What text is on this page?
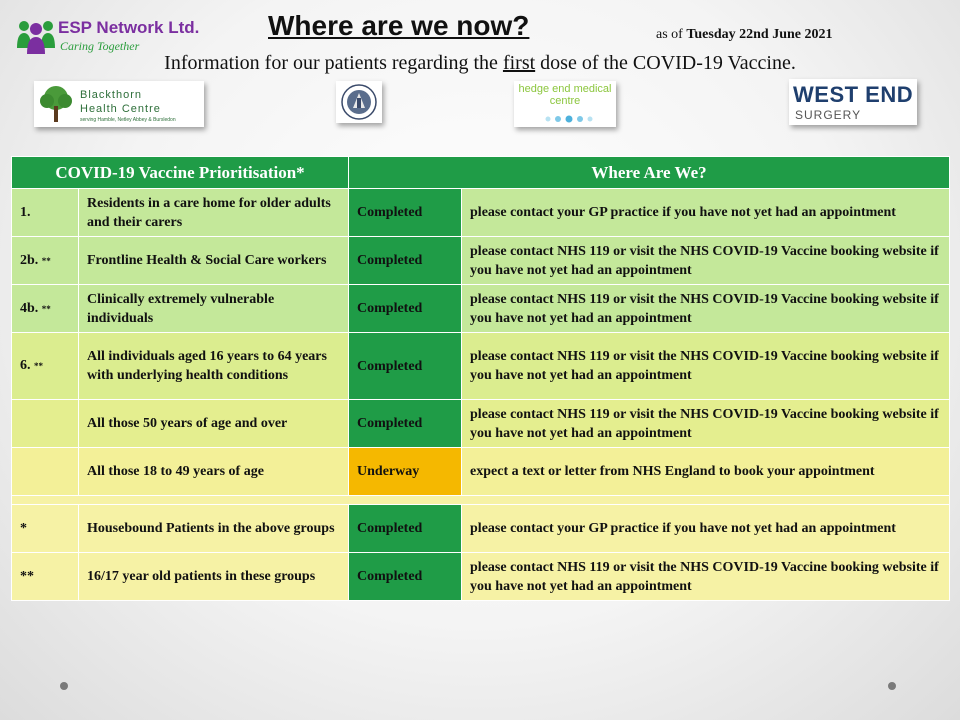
ESP Network Ltd.
Caring Together
Where are we now?	as of Tuesday 22nd June 2021
Information for our patients regarding the first dose of the COVID-19 Vaccine.
Blackthorn
Health Centre
serving Hamble, Netley Abbey & Bursledon
hedge end medical centre	WEST END
SURGERY
COVID-19 Vaccine Prioritisation*		Where Are We?	
1.	Residents in a care home for older adults and their carers	Completed	please contact your GP practice if you have not yet had an appointment
2b. **	Frontline Health & Social Care workers	Completed	please contact NHS 119 or visit the NHS COVID-19 Vaccine booking website if you have not yet had an appointment
4b. **	Clinically extremely vulnerable individuals	Completed	please contact NHS 119 or visit the NHS COVID-19 Vaccine booking website if you have not yet had an appointment
6. **	All individuals aged 16 years to 64 years with underlying health conditions	Completed	please contact NHS 119 or visit the NHS COVID-19 Vaccine booking website if you have not yet had an appointment
	All those 50 years of age and over	Completed	please contact NHS 119 or visit the NHS COVID-19 Vaccine booking website if you have not yet had an appointment
	All those 18 to 49 years of age	Underway	expect a text or letter from NHS England to book your appointment

*	Housebound Patients in the above groups	Completed	please contact your GP practice if you have not yet had an appointment
**	16/17 year old patients in these groups	Completed	please contact NHS 119 or visit the NHS COVID-19 Vaccine booking website if you have not yet had an appointment
